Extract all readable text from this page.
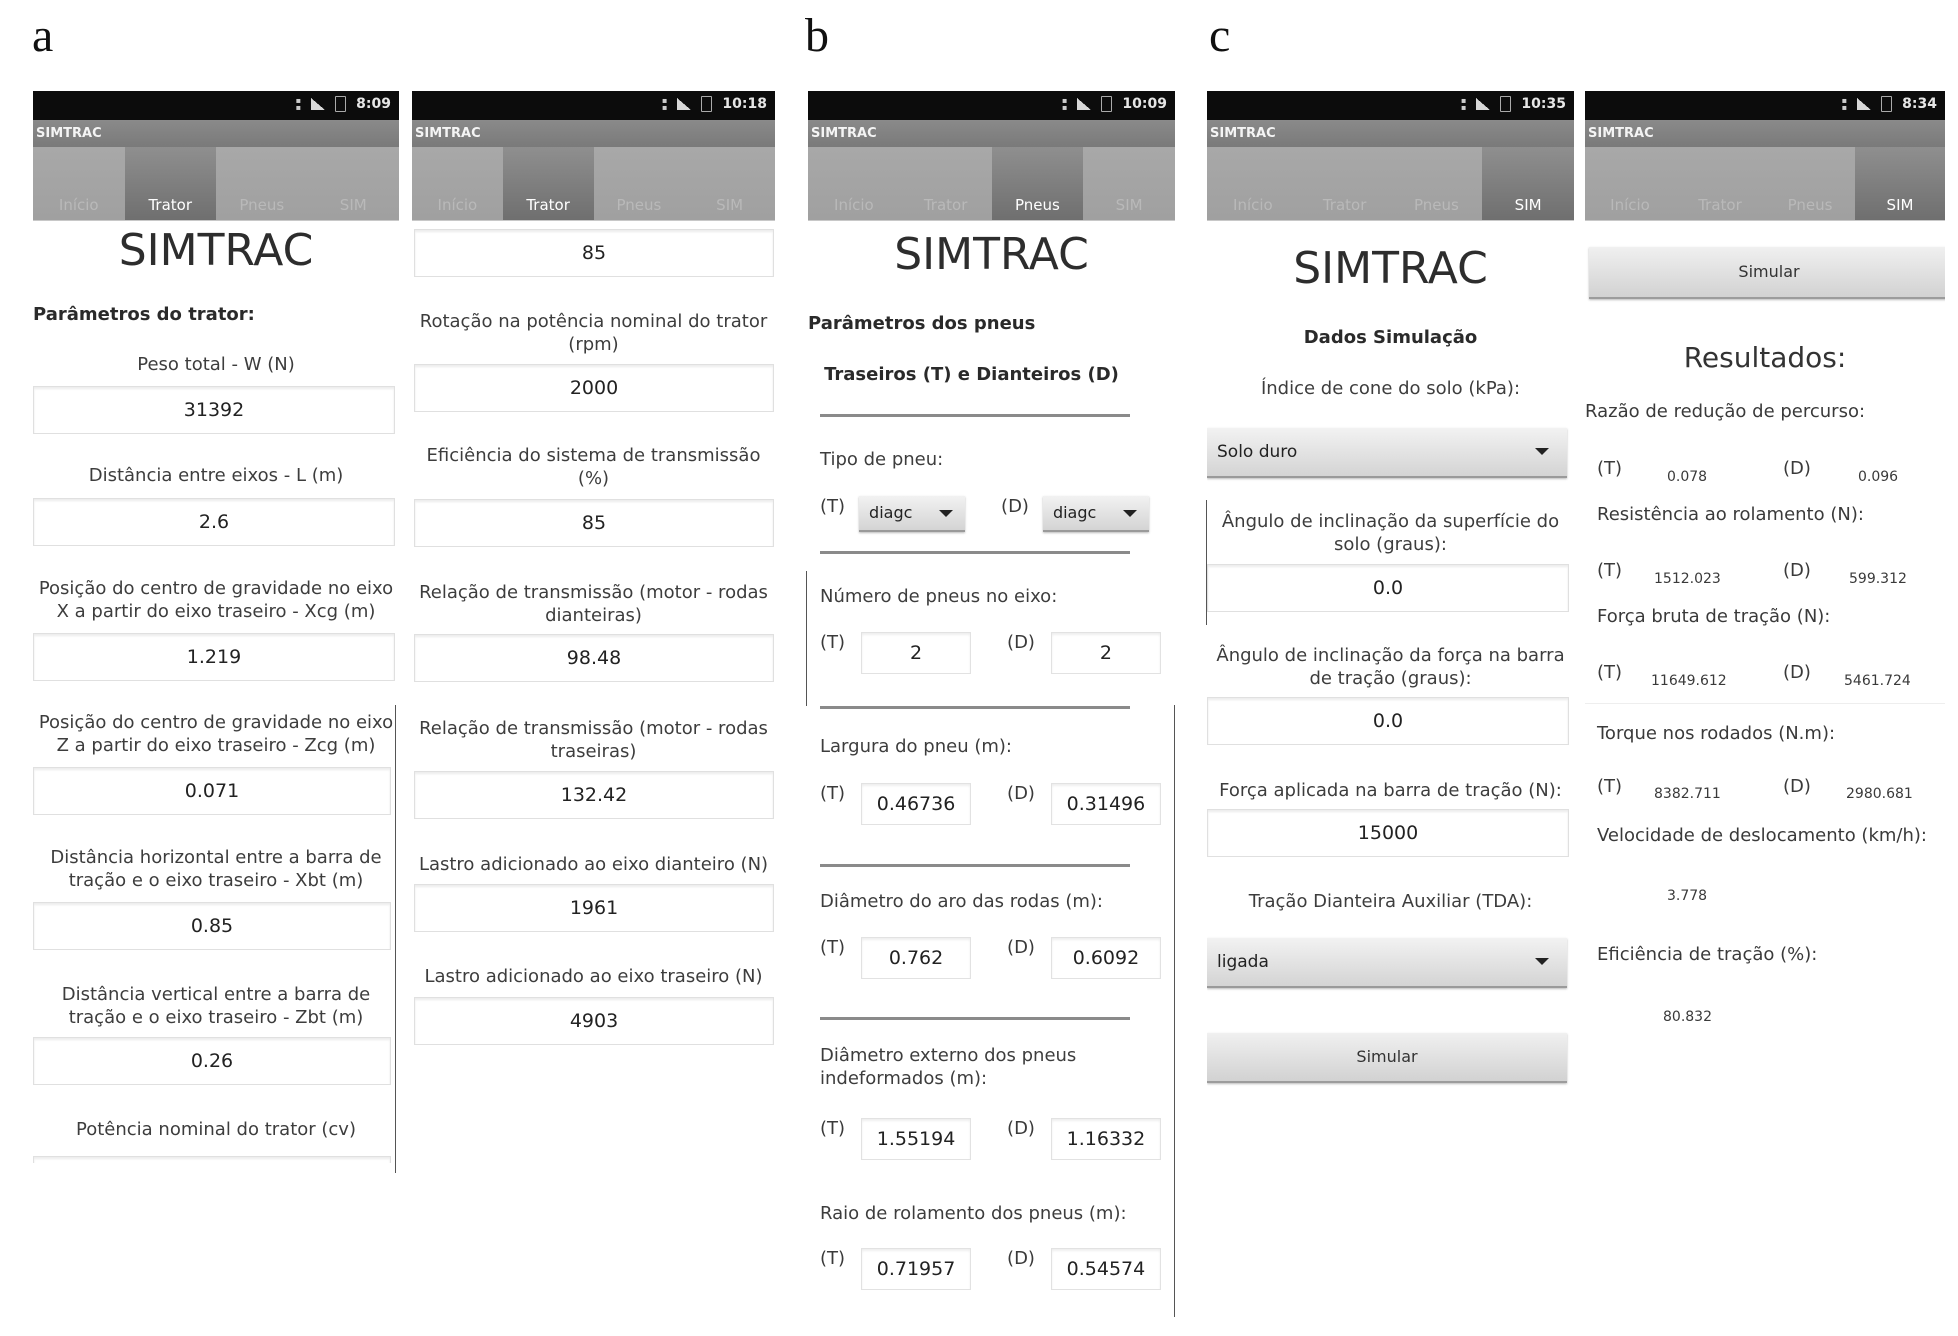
a	b	c
▪
▪	8:09
SIMTRAC
Início	Trator	Pneus	SIM
SIMTRAC
Parâmetros do trator:
Peso total - W (N)
31392
Distância entre eixos - L (m)
2.6
Posição do centro de gravidade no eixo X a partir do eixo traseiro - Xcg (m)
1.219
Posição do centro de gravidade no eixo Z a partir do eixo traseiro - Zcg (m)
0.071
Distância horizontal entre a barra de tração e o eixo traseiro - Xbt (m)
0.85
Distância vertical entre a barra de tração e o eixo traseiro - Zbt (m)
0.26
Potência nominal do trator (cv)
▪
▪	10:18
SIMTRAC
Início	Trator	Pneus	SIM
85
Rotação na potência nominal do trator (rpm)
2000
Eficiência do sistema de transmissão (%)
85
Relação de transmissão (motor - rodas dianteiras)
98.48
Relação de transmissão (motor - rodas traseiras)
132.42
Lastro adicionado ao eixo dianteiro (N)
1961
Lastro adicionado ao eixo traseiro (N)
4903
▪
▪	10:09
SIMTRAC
Início	Trator	Pneus	SIM
SIMTRAC
Parâmetros dos pneus
Traseiros (T) e Dianteiros (D)
Tipo de pneu:
(T)	diagc	(D)	diagc
Número de pneus no eixo:
(T)	2	(D)	2
Largura do pneu (m):
(T)	0.46736	(D)	0.31496
Diâmetro do aro das rodas (m):
(T)	0.762	(D)	0.6092
Diâmetro externo dos pneus indeformados (m):
(T)	1.55194	(D)	1.16332
Raio de rolamento dos pneus (m):
(T)	0.71957	(D)	0.54574
▪
▪	10:35
SIMTRAC
Início	Trator	Pneus	SIM
SIMTRAC
Dados Simulação
Índice de cone do solo (kPa):
Solo duro
Ângulo de inclinação da superfície do solo (graus):
0.0
Ângulo de inclinação da força na barra de tração (graus):
0.0
Força aplicada na barra de tração (N):
15000
Tração Dianteira Auxiliar (TDA):
ligada
Simular
▪
▪	8:34
SIMTRAC
Início	Trator	Pneus	SIM
Simular
Resultados:
Razão de redução de percurso:
(T)	0.078	(D)	0.096
Resistência ao rolamento (N):
(T) 1512.023	(D)	599.312
Força bruta de tração (N):
(T) 11649.612	(D) 5461.724
Torque nos rodados (N.m):
(T) 8382.711	(D)	2980.681
Velocidade de deslocamento (km/h):
3.778
Eficiência de tração (%):
80.832
